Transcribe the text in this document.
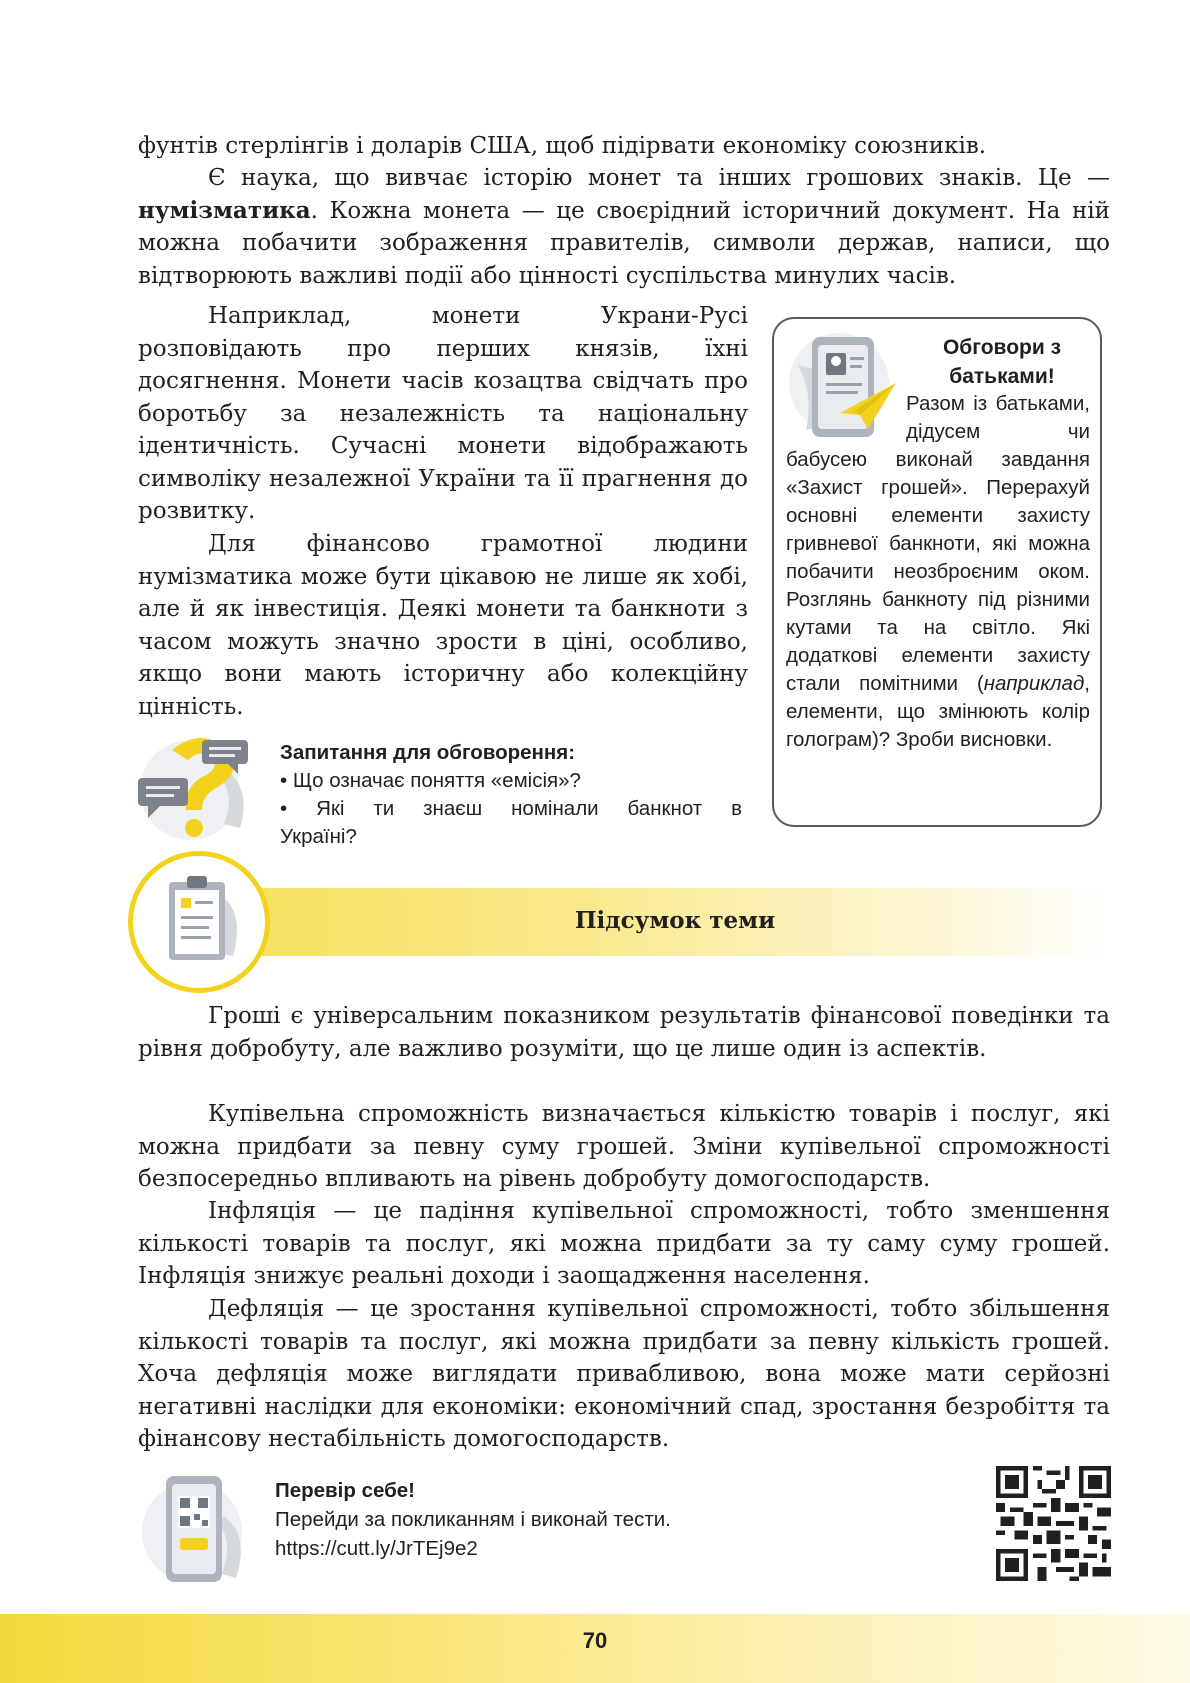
фунтів стерлінгів і доларів США, щоб підірвати економіку союзників.

Є наука, що вивчає історію монет та інших грошових знаків. Це — нумізматика. Кожна монета — це своєрідний історичний документ. На ній можна побачити зображення правителів, символи держав, написи, що відтворюють важливі події або цінності суспільства минулих часів.

Наприклад, монети Украни-Русі розповідають про перших князів, їхні досягнення. Монети часів козацтва свідчать про боротьбу за незалежність та національну ідентичність. Сучасні монети відображають символіку незалежної України та її прагнення до розвитку.

Для фінансово грамотної людини нумізматика може бути цікавою не лише як хобі, але й як інвестиція. Деякі монети та банкноти з часом можуть значно зрости в ціні, особливо, якщо вони мають історичну або колекційну цінність.

Обговори з батьками!
Разом із батьками, дідусем чи бабусею виконай завдання «Захист грошей». Перерахуй основні елементи захисту гривневої банкноти, які можна побачити неозброєним оком. Розглянь банкноту під різними кутами та на світло. Які додаткові елементи захисту стали помітними (наприклад, елементи, що змінюють колір голограм)? Зроби висновки.
Запитання для обговорення:
• Що означає поняття «емісія»?
• Які ти знаєш номінали банкнот в Україні?
Підсумок теми

Гроші є універсальним показником результатів фінансової поведінки та рівня добробуту, але важливо розуміти, що це лише один із аспектів.

Купівельна спроможність визначається кількістю товарів і послуг, які можна придбати за певну суму грошей. Зміни купівельної спроможності безпосередньо впливають на рівень добробуту домогосподарств.

Інфляція — це падіння купівельної спроможності, тобто зменшення кількості товарів та послуг, які можна придбати за ту саму суму грошей. Інфляція знижує реальні доходи і заощадження населення.

Дефляція — це зростання купівельної спроможності, тобто збільшення кількості товарів та послуг, які можна придбати за певну кількість грошей. Хоча дефляція може виглядати привабливою, вона може мати серйозні негативні наслідки для економіки: економічний спад, зростання безробіття та фінансову нестабільність домогосподарств.

Перевір себе!
Перейди за покликанням і виконай тести.
https://cutt.ly/JrTEj9e2
70
